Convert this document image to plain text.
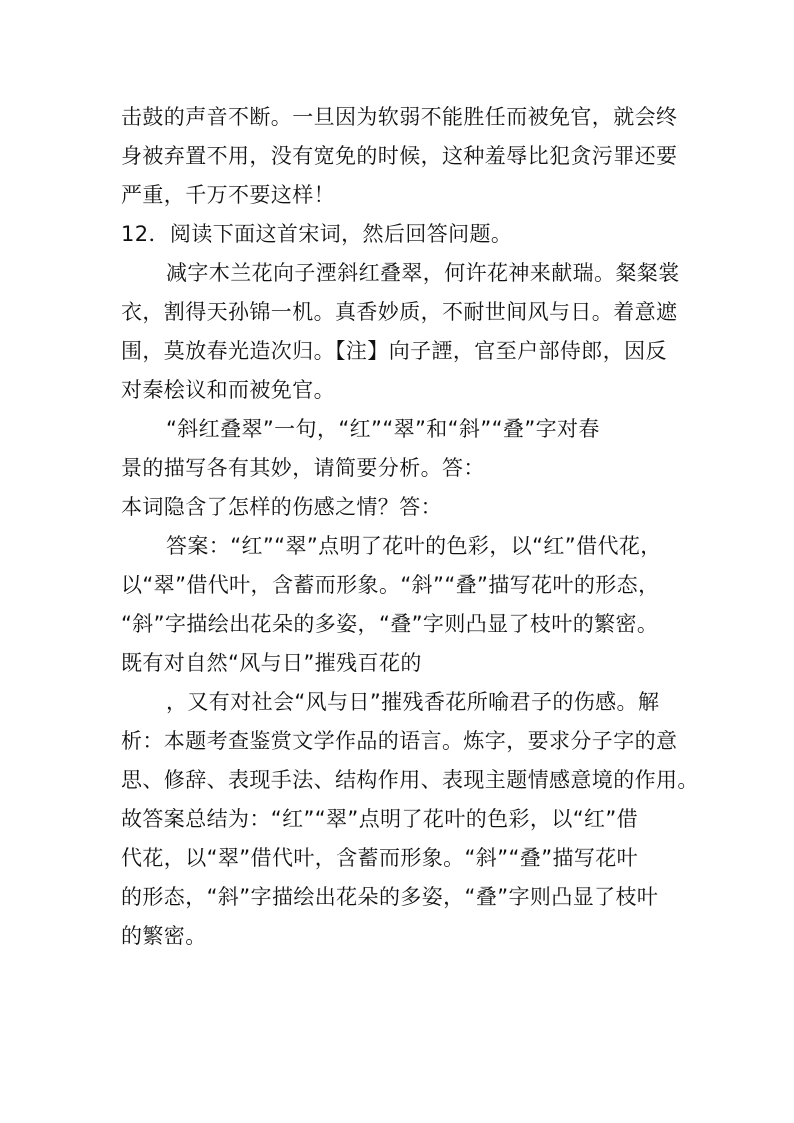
击鼓的声音不断。一旦因为软弱不能胜任而被免官，就会终
身被弃置不用，没有宽免的时候，这种羞辱比犯贪污罪还要
严重，千万不要这样！
12．阅读下面这首宋词，然后回答问题。
减字木兰花向子湮斜红叠翠，何许花神来献瑞。粲粲裳
衣，割得天孙锦一机。真香妙质，不耐世间风与日。着意遮
围，莫放春光造次归。【注】向子諲，官至户部侍郎，因反
对秦桧议和而被免官。
“斜红叠翠”一句，“红”“翠”和“斜”“叠”字对春
景的描写各有其妙，请简要分析。答：
本词隐含了怎样的伤感之情？答：
答案：“红”“翠”点明了花叶的色彩，以“红”借代花，
以“翠”借代叶，含蓄而形象。“斜”“叠”描写花叶的形态，
“斜”字描绘出花朵的多姿，“叠”字则凸显了枝叶的繁密。
既有对自然“风与日”摧残百花的
，又有对社会“风与日”摧残香花所喻君子的伤感。解
析：本题考查鉴赏文学作品的语言。炼字，要求分子字的意
思、修辞、表现手法、结构作用、表现主题情感意境的作用。
故答案总结为：“红”“翠”点明了花叶的色彩，以“红”借
代花，以“翠”借代叶，含蓄而形象。“斜”“叠”描写花叶
的形态，“斜”字描绘出花朵的多姿，“叠”字则凸显了枝叶
的繁密。
